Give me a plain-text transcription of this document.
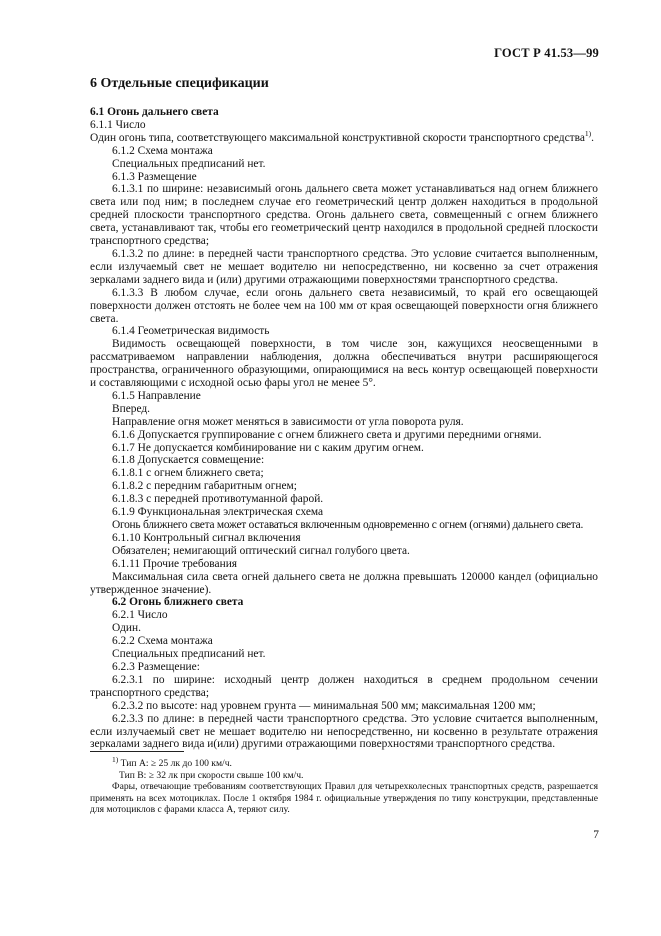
ГОСТ Р 41.53—99
6 Отдельные спецификации
6.1 Огонь дальнего света
6.1.1 Число
Один огонь типа, соответствующего максимальной конструктивной скорости транспортного средства$^{1)}$.
6.1.2 Схема монтажа
Специальных предписаний нет.
6.1.3 Размещение
6.1.3.1 по ширине: независимый огонь дальнего света может устанавливаться над огнем ближнего света или под ним; в последнем случае его геометрический центр должен находиться в продольной средней плоскости транспортного средства. Огонь дальнего света, совмещенный с огнем ближнего света, устанавливают так, чтобы его геометрический центр находился в продольной средней плоскости транспортного средства;
6.1.3.2 по длине: в передней части транспортного средства. Это условие считается выполненным, если излучаемый свет не мешает водителю ни непосредственно, ни косвенно за счет отражения зеркалами заднего вида и (или) другими отражающими поверхностями транспортного средства.
6.1.3.3 В любом случае, если огонь дальнего света независимый, то край его освещающей поверхности должен отстоять не более чем на 100 мм от края освещающей поверхности огня ближнего света.
6.1.4 Геометрическая видимость
Видимость освещающей поверхности, в том числе зон, кажущихся неосвещенными в рассматриваемом направлении наблюдения, должна обеспечиваться внутри расширяющегося пространства, ограниченного образующими, опирающимися на весь контур освещающей поверхности и составляющими с исходной осью фары угол не менее 5°.
6.1.5 Направление
Вперед.
Направление огня может меняться в зависимости от угла поворота руля.
6.1.6 Допускается группирование с огнем ближнего света и другими передними огнями.
6.1.7 Не допускается комбинирование ни с каким другим огнем.
6.1.8 Допускается совмещение:
6.1.8.1 с огнем ближнего света;
6.1.8.2 с передним габаритным огнем;
6.1.8.3 с передней противотуманной фарой.
6.1.9 Функциональная электрическая схема
Огонь ближнего света может оставаться включенным одновременно с огнем (огнями) дальнего света.
6.1.10 Контрольный сигнал включения
Обязателен; немигающий оптический сигнал голубого цвета.
6.1.11 Прочие требования
Максимальная сила света огней дальнего света не должна превышать 120000 кандел (официально утвержденное значение).
6.2 Огонь ближнего света
6.2.1 Число
Один.
6.2.2 Схема монтажа
Специальных предписаний нет.
6.2.3 Размещение:
6.2.3.1 по ширине: исходный центр должен находиться в среднем продольном сечении транспортного средства;
6.2.3.2 по высоте: над уровнем грунта — минимальная 500 мм; максимальная 1200 мм;
6.2.3.3 по длине: в передней части транспортного средства. Это условие считается выполненным, если излучаемый свет не мешает водителю ни непосредственно, ни косвенно в результате отражения зеркалами заднего вида и(или) другими отражающими поверхностями транспортного средства.
$^{1)}$ Тип А: ≥ 25 лк до 100 км/ч.
Тип В: ≥ 32 лк при скорости свыше 100 км/ч.
Фары, отвечающие требованиям соответствующих Правил для четырехколесных транспортных средств, разрешается применять на всех мотоциклах. После 1 октября 1984 г. официальные утверждения по типу конструкции, представленные для мотоциклов с фарами класса А, теряют силу.
7
